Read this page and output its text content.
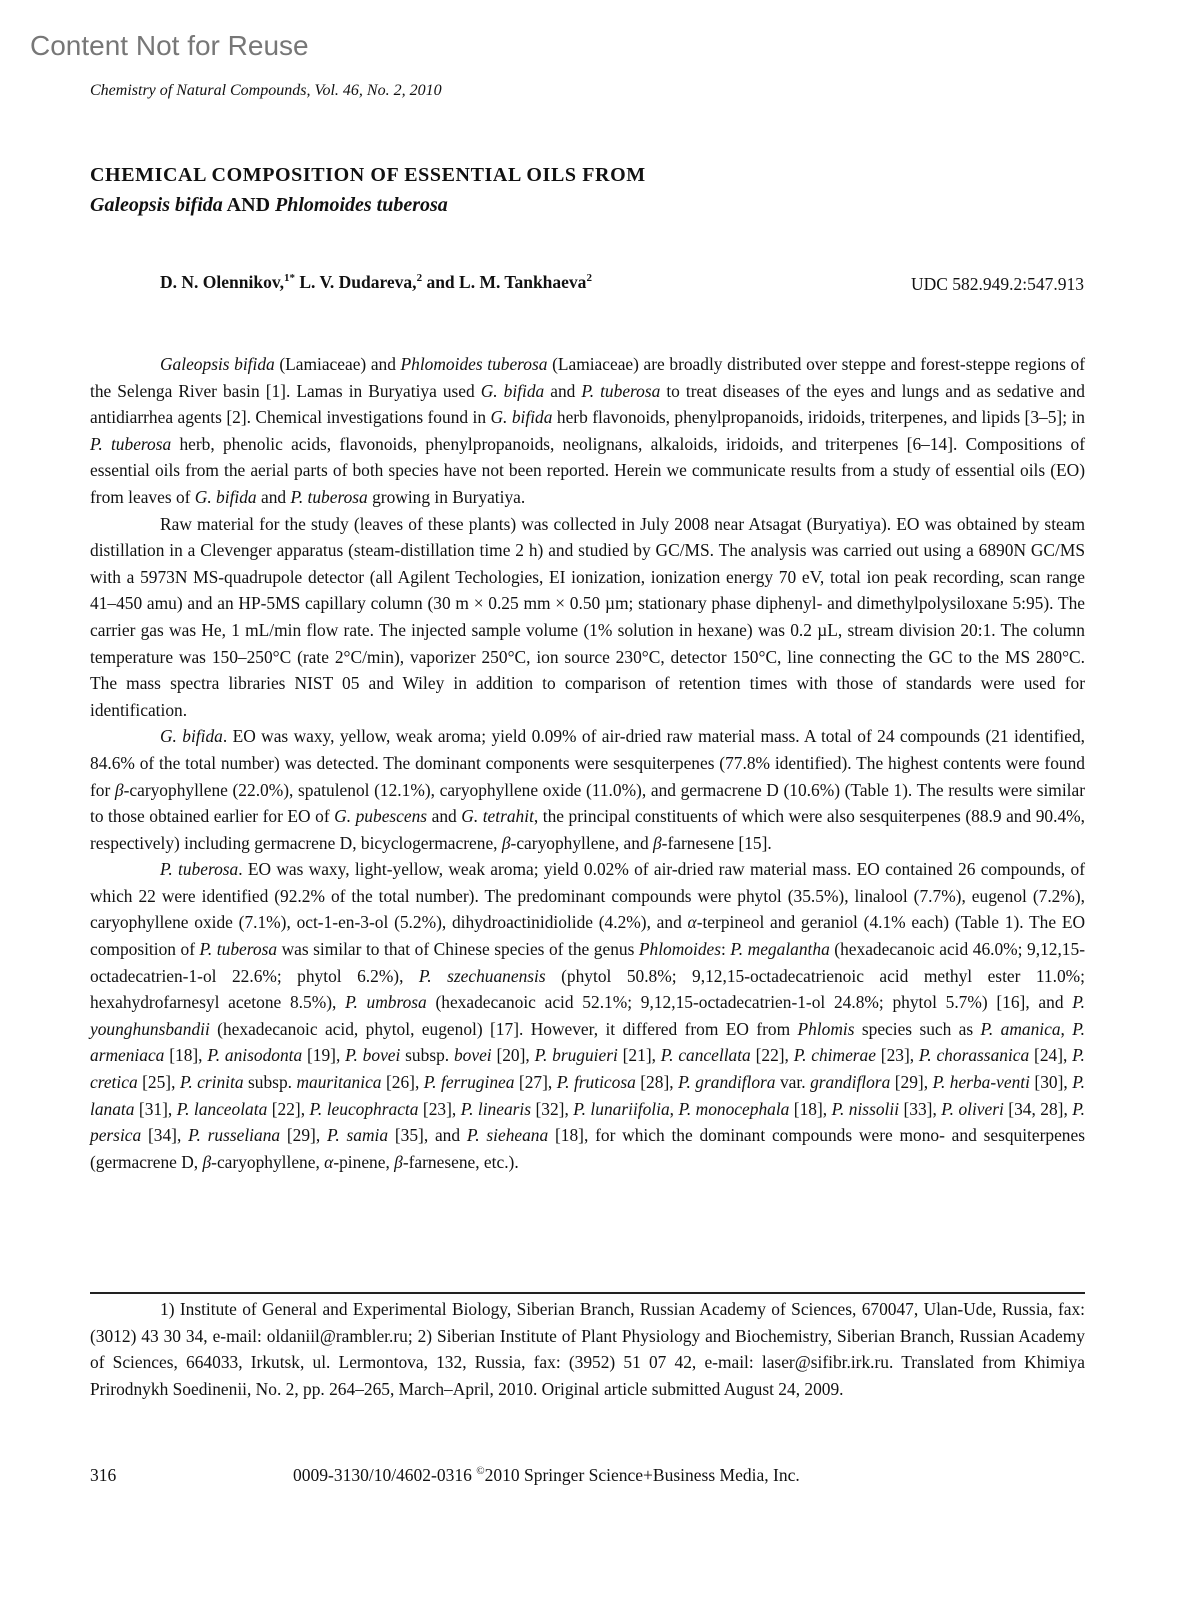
Content Not for Reuse
Chemistry of Natural Compounds, Vol. 46, No. 2, 2010
CHEMICAL COMPOSITION OF ESSENTIAL OILS FROM
Galeopsis bifida AND Phlomoides tuberosa
D. N. Olennikov,$^{1*}$ L. V. Dudareva,$^2$ and L. M. Tankhaeva$^2$	UDC 582.949.2:547.913

Galeopsis bifida (Lamiaceae) and Phlomoides tuberosa (Lamiaceae) are broadly distributed over steppe and forest-steppe regions of the Selenga River basin [1]. Lamas in Buryatiya used G. bifida and P. tuberosa to treat diseases of the eyes and lungs and as sedative and antidiarrhea agents [2]. Chemical investigations found in G. bifida herb flavonoids, phenylpropanoids, iridoids, triterpenes, and lipids [3–5]; in P. tuberosa herb, phenolic acids, flavonoids, phenylpropanoids, neolignans, alkaloids, iridoids, and triterpenes [6–14]. Compositions of essential oils from the aerial parts of both species have not been reported. Herein we communicate results from a study of essential oils (EO) from leaves of G. bifida and P. tuberosa growing in Buryatiya.

Raw material for the study (leaves of these plants) was collected in July 2008 near Atsagat (Buryatiya). EO was obtained by steam distillation in a Clevenger apparatus (steam-distillation time 2 h) and studied by GC/MS. The analysis was carried out using a 6890N GC/MS with a 5973N MS-quadrupole detector (all Agilent Techologies, EI ionization, ionization energy 70 eV, total ion peak recording, scan range 41–450 amu) and an HP-5MS capillary column (30 m × 0.25 mm × 0.50 µm; stationary phase diphenyl- and dimethylpolysiloxane 5:95). The carrier gas was He, 1 mL/min flow rate. The injected sample volume (1% solution in hexane) was 0.2 µL, stream division 20:1. The column temperature was 150–250°C (rate 2°C/min), vaporizer 250°C, ion source 230°C, detector 150°C, line connecting the GC to the MS 280°C. The mass spectra libraries NIST 05 and Wiley in addition to comparison of retention times with those of standards were used for identification.

G. bifida. EO was waxy, yellow, weak aroma; yield 0.09% of air-dried raw material mass. A total of 24 compounds (21 identified, 84.6% of the total number) was detected. The dominant components were sesquiterpenes (77.8% identified). The highest contents were found for β-caryophyllene (22.0%), spatulenol (12.1%), caryophyllene oxide (11.0%), and germacrene D (10.6%) (Table 1). The results were similar to those obtained earlier for EO of G. pubescens and G. tetrahit, the principal constituents of which were also sesquiterpenes (88.9 and 90.4%, respectively) including germacrene D, bicyclogermacrene, β-caryophyllene, and β-farnesene [15].

P. tuberosa. EO was waxy, light-yellow, weak aroma; yield 0.02% of air-dried raw material mass. EO contained 26 compounds, of which 22 were identified (92.2% of the total number). The predominant compounds were phytol (35.5%), linalool (7.7%), eugenol (7.2%), caryophyllene oxide (7.1%), oct-1-en-3-ol (5.2%), dihydroactinidiolide (4.2%), and α-terpineol and geraniol (4.1% each) (Table 1). The EO composition of P. tuberosa was similar to that of Chinese species of the genus Phlomoides: P. megalantha (hexadecanoic acid 46.0%; 9,12,15-octadecatrien-1-ol 22.6%; phytol 6.2%), P. szechuanensis (phytol 50.8%; 9,12,15-octadecatrienoic acid methyl ester 11.0%; hexahydrofarnesyl acetone 8.5%), P. umbrosa (hexadecanoic acid 52.1%; 9,12,15-octadecatrien-1-ol 24.8%; phytol 5.7%) [16], and P. younghunsbandii (hexadecanoic acid, phytol, eugenol) [17]. However, it differed from EO from Phlomis species such as P. amanica, P. armeniaca [18], P. anisodonta [19], P. bovei subsp. bovei [20], P. bruguieri [21], P. cancellata [22], P. chimerae [23], P. chorassanica [24], P. cretica [25], P. crinita subsp. mauritanica [26], P. ferruginea [27], P. fruticosa [28], P. grandiflora var. grandiflora [29], P. herba-venti [30], P. lanata [31], P. lanceolata [22], P. leucophracta [23], P. linearis [32], P. lunariifolia, P. monocephala [18], P. nissolii [33], P. oliveri [34, 28], P. persica [34], P. russeliana [29], P. samia [35], and P. sieheana [18], for which the dominant compounds were mono- and sesquiterpenes (germacrene D, β-caryophyllene, α-pinene, β-farnesene, etc.).

1) Institute of General and Experimental Biology, Siberian Branch, Russian Academy of Sciences, 670047, Ulan-Ude, Russia, fax: (3012) 43 30 34, e-mail: oldaniil@rambler.ru; 2) Siberian Institute of Plant Physiology and Biochemistry, Siberian Branch, Russian Academy of Sciences, 664033, Irkutsk, ul. Lermontova, 132, Russia, fax: (3952) 51 07 42, e-mail: laser@sifibr.irk.ru. Translated from Khimiya Prirodnykh Soedinenii, No. 2, pp. 264–265, March–April, 2010. Original article submitted August 24, 2009.
316	0009-3130/10/4602-0316 ©2010 Springer Science+Business Media, Inc.
